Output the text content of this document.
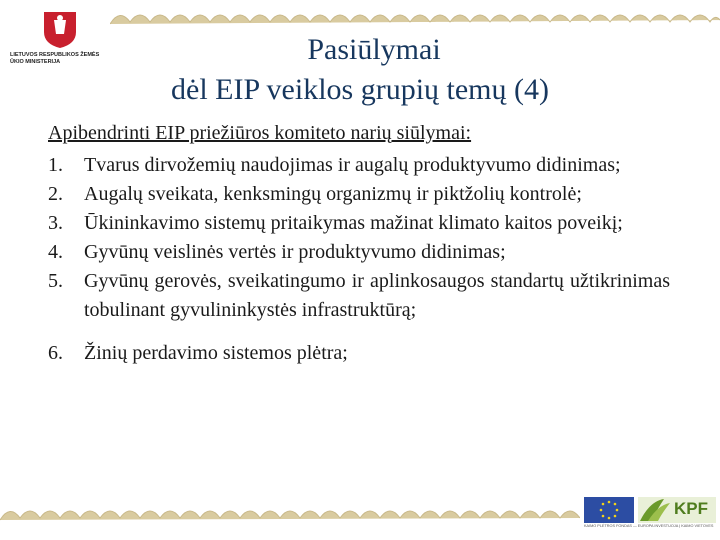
LIETUVOS RESPUBLIKOS ŽEMĖS ŪKIO MINISTERIJA	Pasiūlymai
dėl EIP veiklos grupių temų (4)
Apibendrinti EIP priežiūros komiteto narių siūlymai:
1.	Tvarus dirvožemių naudojimas ir augalų produktyvumo didinimas;
2.	Augalų sveikata, kenksmingų organizmų ir piktžolių kontrolė;
3.	Ūkininkavimo sistemų pritaikymas mažinat klimato kaitos poveikį;
4.	Gyvūnų veislinės vertės ir produktyvumo didinimas;
5.	Gyvūnų gerovės, sveikatingumo ir aplinkosaugos standartų užtikrinimas tobulinant gyvulininkystės infrastruktūrą;
6.	Žinių perdavimo sistemos plėtra;
KPF
KAIMO PLĖTROS FONDAS — EUROPA INVESTUOJA Į KAIMO VIETOVES
